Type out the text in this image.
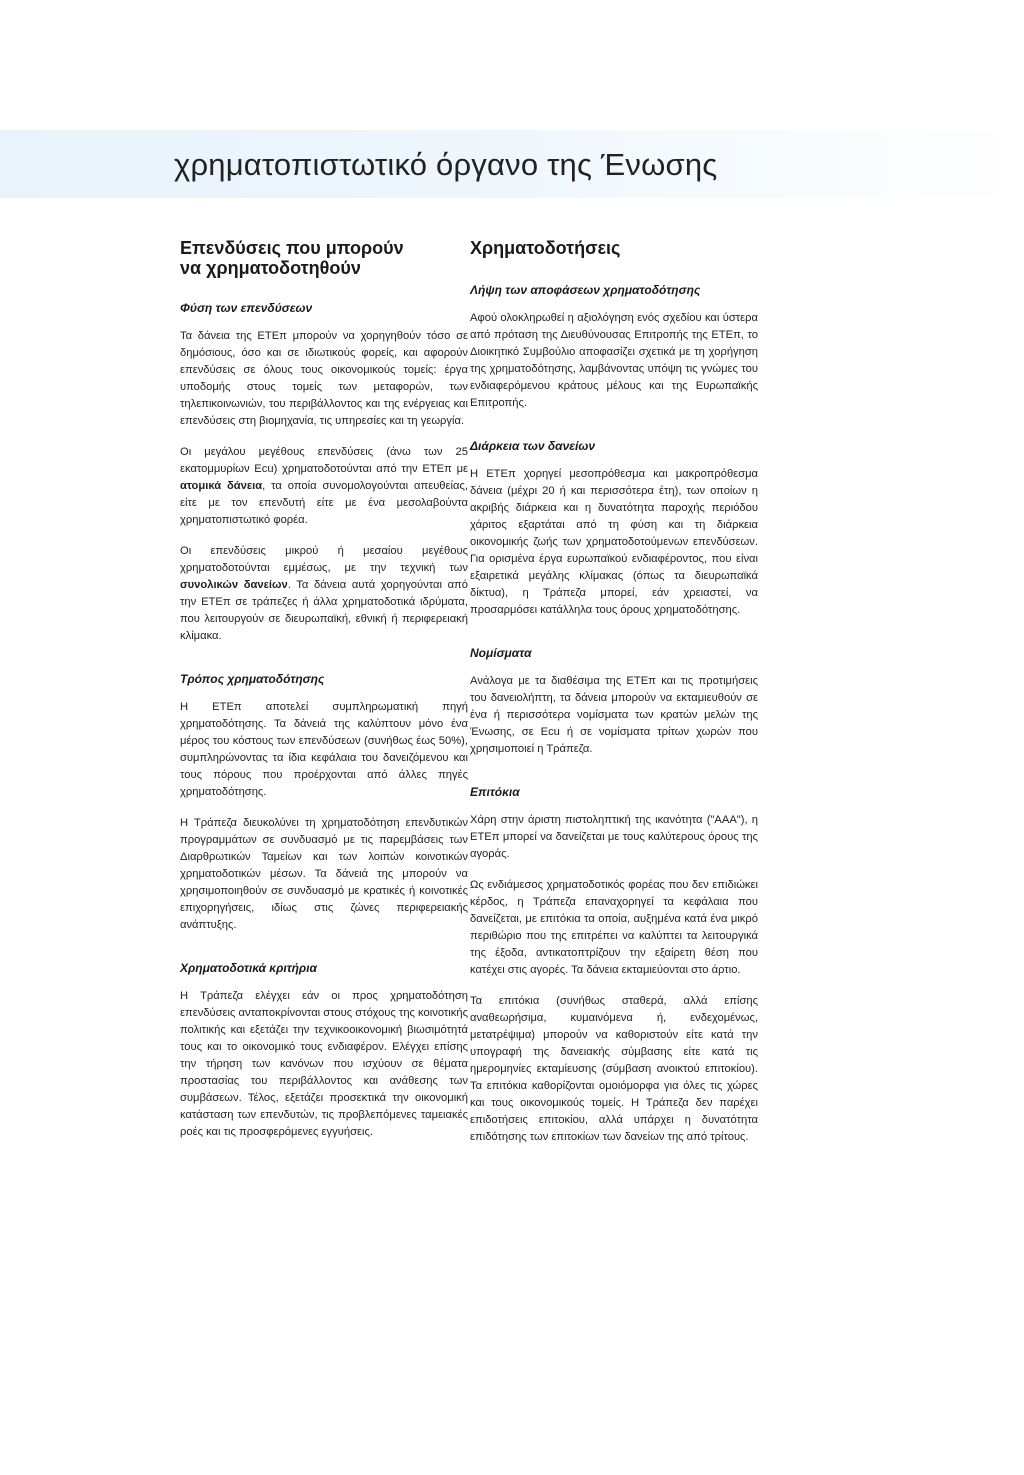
χρηματοπιστωτικό όργανο της Ένωσης
Επενδύσεις που μπορούν
να χρηματοδοτηθούν
Φύση των επενδύσεων

Τα δάνεια της ΕΤΕπ μπορούν να χορηγηθούν τόσο σε δημόσιους, όσο και σε ιδιωτικούς φορείς, και αφορούν επενδύσεις σε όλους τους οικονομικούς τομείς: έργα υποδομής στους τομείς των μεταφορών, των τηλεπικοινωνιών, του περιβάλλοντος και της ενέργειας και επενδύσεις στη βιομηχανία, τις υπηρεσίες και τη γεωργία.

Οι μεγάλου μεγέθους επενδύσεις (άνω των 25 εκατομμυρίων Ecu) χρηματοδοτούνται από την ΕΤΕπ με ατομικά δάνεια, τα οποία συνομολογούνται απευθείας, είτε με τον επενδυτή είτε με ένα μεσολαβούντα χρηματοπιστωτικό φορέα.

Οι επενδύσεις μικρού ή μεσαίου μεγέθους χρηματοδοτούνται εμμέσως, με την τεχνική των συνολικών δανείων. Τα δάνεια αυτά χορηγούνται από την ΕΤΕπ σε τράπεζες ή άλλα χρηματοδοτικά ιδρύματα, που λειτουργούν σε διευρωπαϊκή, εθνική ή περιφερειακή κλίμακα.

Τρόπος χρηματοδότησης

Η ΕΤΕπ αποτελεί συμπληρωματική πηγή χρηματοδότησης. Τα δάνειά της καλύπτουν μόνο ένα μέρος του κόστους των επενδύσεων (συνήθως έως 50%), συμπληρώνοντας τα ίδια κεφάλαια του δανειζόμενου και τους πόρους που προέρχονται από άλλες πηγές χρηματοδότησης.

Η Τράπεζα διευκολύνει τη χρηματοδότηση επενδυτικών προγραμμάτων σε συνδυασμό με τις παρεμβάσεις των Διαρθρωτικών Ταμείων και των λοιπών κοινοτικών χρηματοδοτικών μέσων. Τα δάνειά της μπορούν να χρησιμοποιηθούν σε συνδυασμό με κρατικές ή κοινοτικές επιχορηγήσεις, ιδίως στις ζώνες περιφερειακής ανάπτυξης.

Χρηματοδοτικά κριτήρια

Η Τράπεζα ελέγχει εάν οι προς χρηματοδότηση επενδύσεις ανταποκρίνονται στους στόχους της κοινοτικής πολιτικής και εξετάζει την τεχνικοοικονομική βιωσιμότητά τους και το οικονομικό τους ενδιαφέρον. Ελέγχει επίσης την τήρηση των κανόνων που ισχύουν σε θέματα προστασίας του περιβάλλοντος και ανάθεσης των συμβάσεων. Τέλος, εξετάζει προσεκτικά την οικονομική κατάσταση των επενδυτών, τις προβλεπόμενες ταμειακές ροές και τις προσφερόμενες εγγυήσεις.

Χρηματοδοτήσεις
Λήψη των αποφάσεων χρηματοδότησης

Αφού ολοκληρωθεί η αξιολόγηση ενός σχεδίου και ύστερα από πρόταση της Διευθύνουσας Επιτροπής της ΕΤΕπ, το Διοικητικό Συμβούλιο αποφασίζει σχετικά με τη χορήγηση της χρηματοδότησης, λαμβάνοντας υπόψη τις γνώμες του ενδιαφερόμενου κράτους μέλους και της Ευρωπαϊκής Επιτροπής.

Διάρκεια των δανείων

Η ΕΤΕπ χορηγεί μεσοπρόθεσμα και μακροπρόθεσμα δάνεια (μέχρι 20 ή και περισσότερα έτη), των οποίων η ακριβής διάρκεια και η δυνατότητα παροχής περιόδου χάριτος εξαρτάται από τη φύση και τη διάρκεια οικονομικής ζωής των χρηματοδοτούμενων επενδύσεων. Για ορισμένα έργα ευρωπαϊκού ενδιαφέροντος, που είναι εξαιρετικά μεγάλης κλίμακας (όπως τα διευρωπαϊκά δίκτυα), η Τράπεζα μπορεί, εάν χρειαστεί, να προσαρμόσει κατάλληλα τους όρους χρηματοδότησης.

Νομίσματα

Ανάλογα με τα διαθέσιμα της ΕΤΕπ και τις προτιμήσεις του δανειολήπτη, τα δάνεια μπορούν να εκταμιευθούν σε ένα ή περισσότερα νομίσματα των κρατών μελών της Ένωσης, σε Ecu ή σε νομίσματα τρίτων χωρών που χρησιμοποιεί η Τράπεζα.

Επιτόκια

Χάρη στην άριστη πιστοληπτική της ικανότητα ("ΑΑΑ"), η ΕΤΕπ μπορεί να δανείζεται με τους καλύτερους όρους της αγοράς.

Ως ενδιάμεσος χρηματοδοτικός φορέας που δεν επιδιώκει κέρδος, η Τράπεζα επαναχορηγεί τα κεφάλαια που δανείζεται, με επιτόκια τα οποία, αυξημένα κατά ένα μικρό περιθώριο που της επιτρέπει να καλύπτει τα λειτουργικά της έξοδα, αντικατοπτρίζουν την εξαίρετη θέση που κατέχει στις αγορές. Τα δάνεια εκταμιεύονται στο άρτιο.

Τα επιτόκια (συνήθως σταθερά, αλλά επίσης αναθεωρήσιμα, κυμαινόμενα ή, ενδεχομένως, μετατρέψιμα) μπορούν να καθοριστούν είτε κατά την υπογραφή της δανειακής σύμβασης είτε κατά τις ημερομηνίες εκταμίευσης (σύμβαση ανοικτού επιτοκίου). Τα επιτόκια καθορίζονται ομοιόμορφα για όλες τις χώρες και τους οικονομικούς τομείς. Η Τράπεζα δεν παρέχει επιδοτήσεις επιτοκίου, αλλά υπάρχει η δυνατότητα επιδότησης των επιτοκίων των δανείων της από τρίτους.
